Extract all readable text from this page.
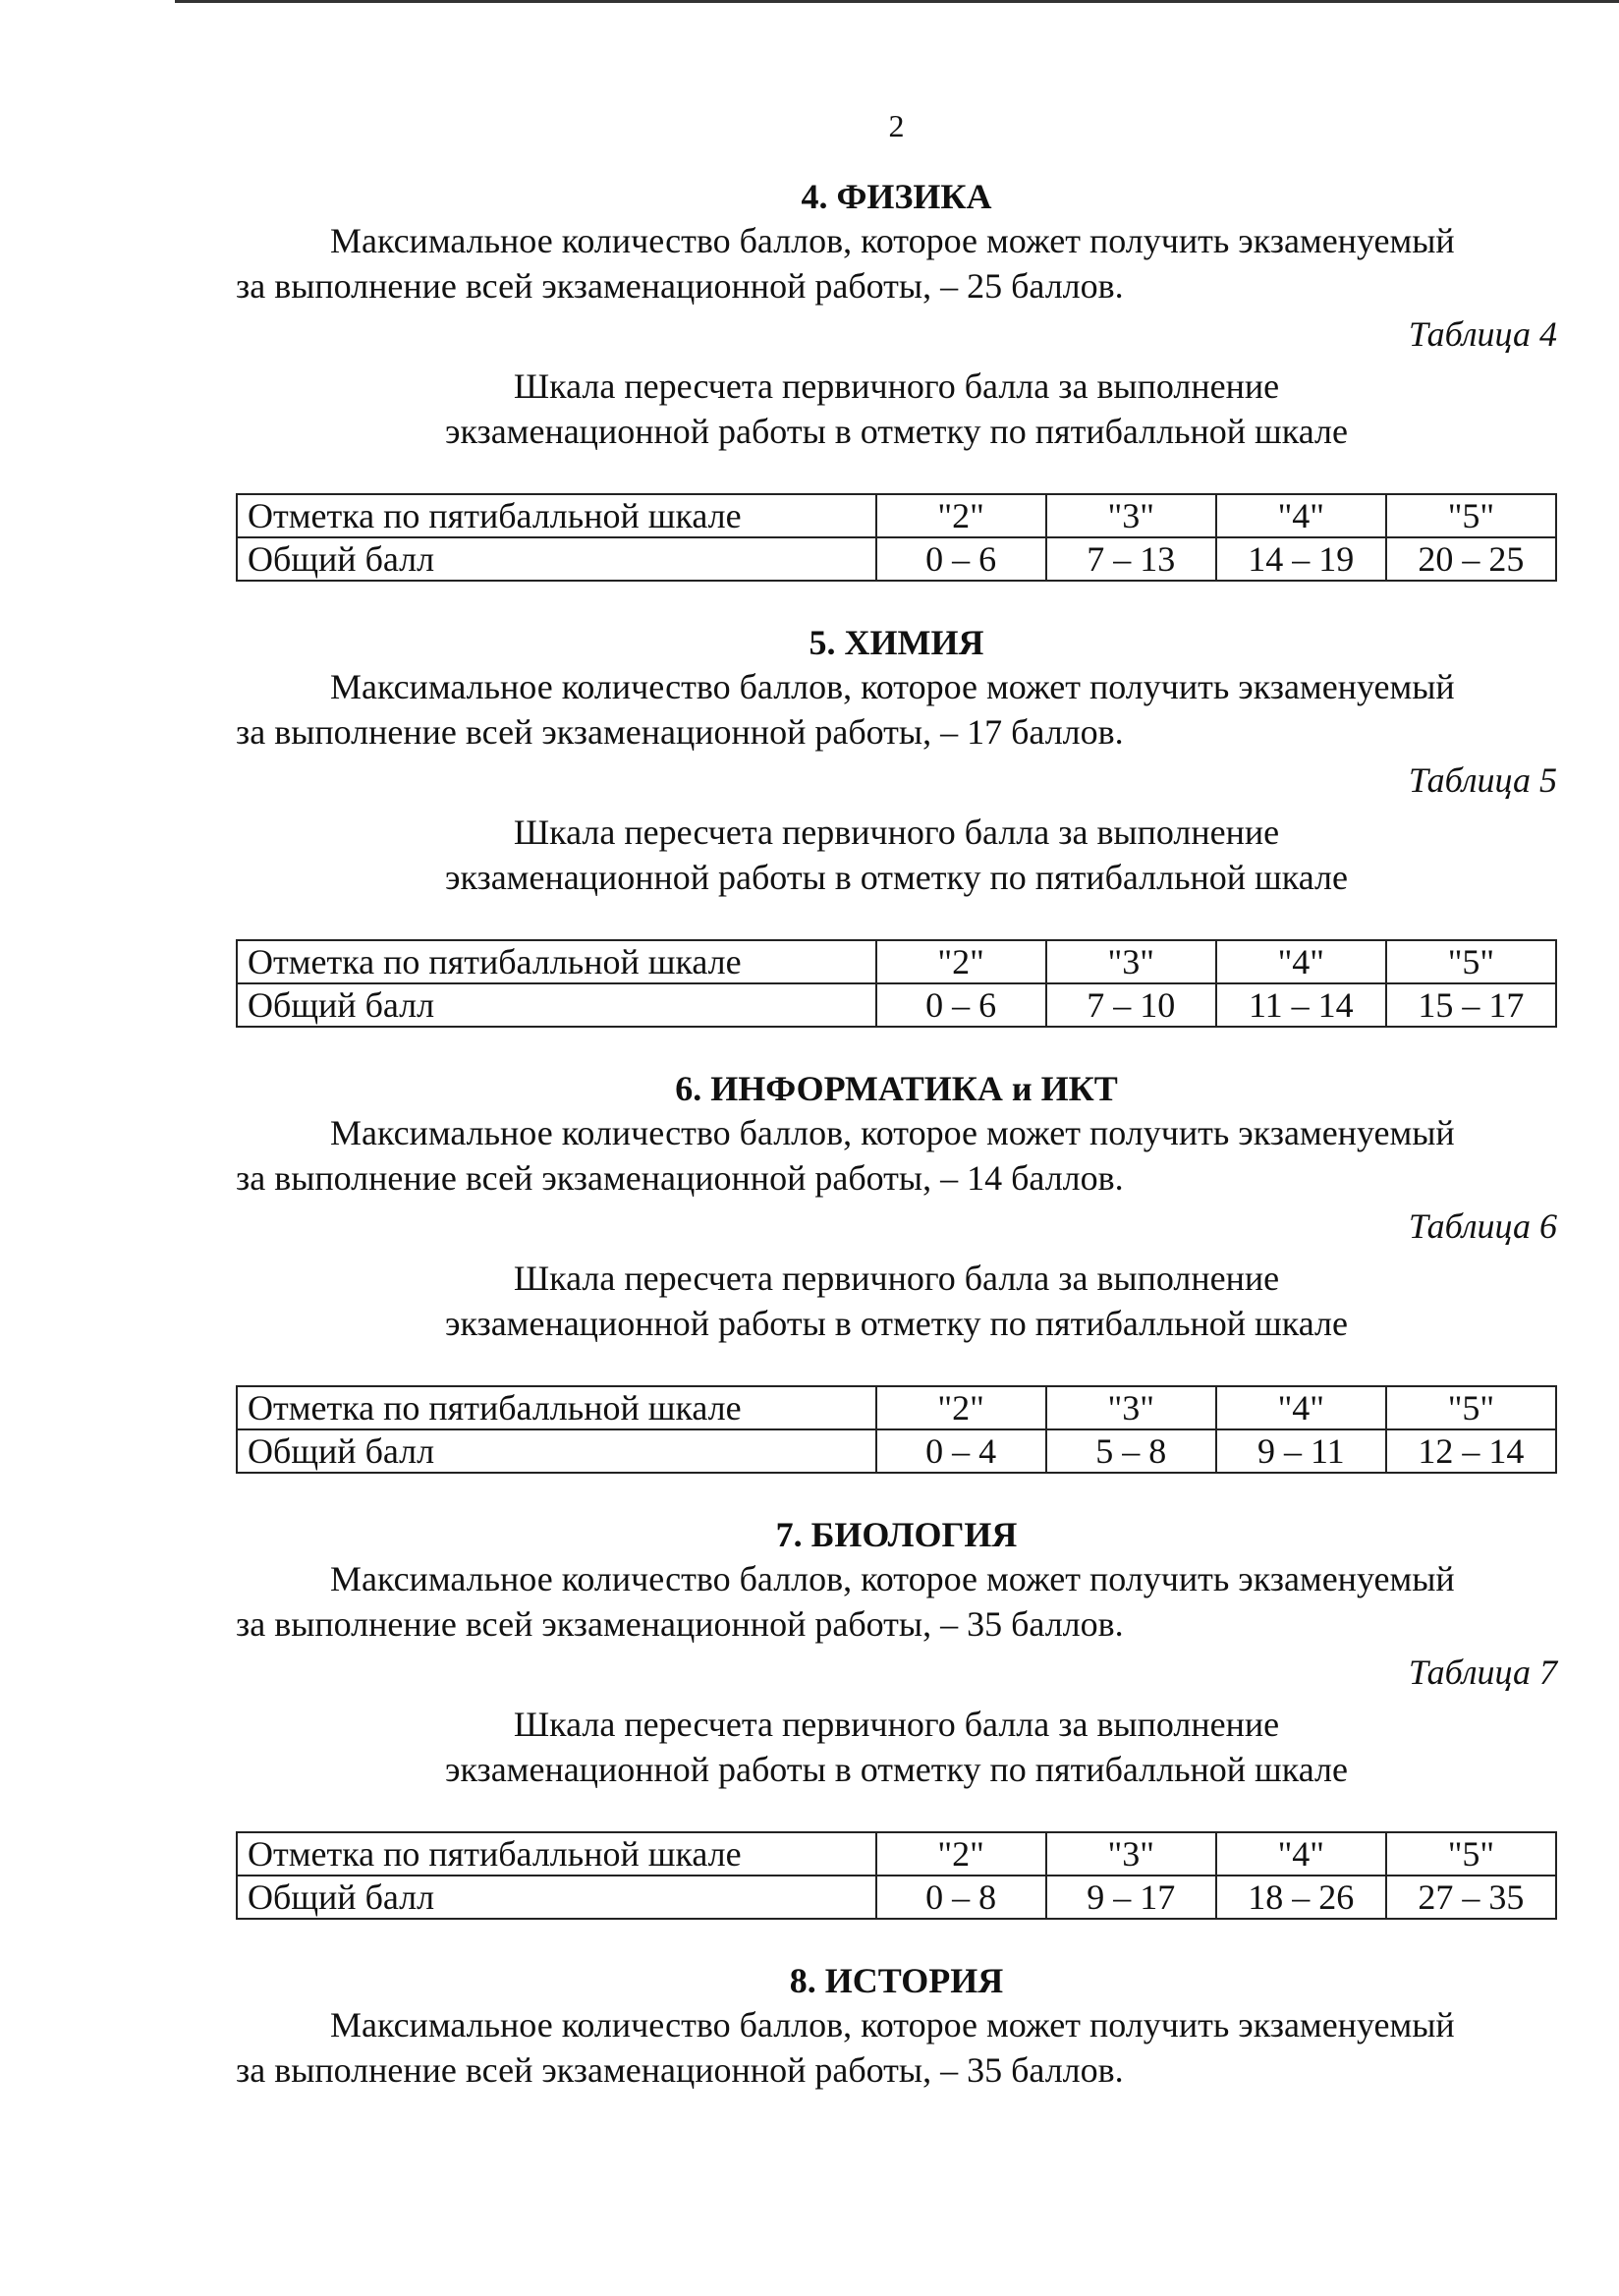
2
4. ФИЗИКА

Максимальное количество баллов, которое может получить экзаменуемый
за выполнение всей экзаменационной работы, – 25 баллов.

Таблица 4
Шкала пересчета первичного балла за выполнение
экзаменационной работы в отметку по пятибалльной шкале
Отметка по пятибалльной шкале	"2"	"3"	"4"	"5"
Общий балл	0 – 6	7 – 13	14 – 19	20 – 25
5. ХИМИЯ

Максимальное количество баллов, которое может получить экзаменуемый
за выполнение всей экзаменационной работы, – 17 баллов.

Таблица 5
Шкала пересчета первичного балла за выполнение
экзаменационной работы в отметку по пятибалльной шкале
Отметка по пятибалльной шкале	"2"	"3"	"4"	"5"
Общий балл	0 – 6	7 – 10	11 – 14	15 – 17
6. ИНФОРМАТИКА и ИКТ

Максимальное количество баллов, которое может получить экзаменуемый
за выполнение всей экзаменационной работы, – 14 баллов.

Таблица 6
Шкала пересчета первичного балла за выполнение
экзаменационной работы в отметку по пятибалльной шкале
Отметка по пятибалльной шкале	"2"	"3"	"4"	"5"
Общий балл	0 – 4	5 – 8	9 – 11	12 – 14
7. БИОЛОГИЯ

Максимальное количество баллов, которое может получить экзаменуемый
за выполнение всей экзаменационной работы, – 35 баллов.

Таблица 7
Шкала пересчета первичного балла за выполнение
экзаменационной работы в отметку по пятибалльной шкале
Отметка по пятибалльной шкале	"2"	"3"	"4"	"5"
Общий балл	0 – 8	9 – 17	18 – 26	27 – 35
8. ИСТОРИЯ

Максимальное количество баллов, которое может получить экзаменуемый
за выполнение всей экзаменационной работы, – 35 баллов.
